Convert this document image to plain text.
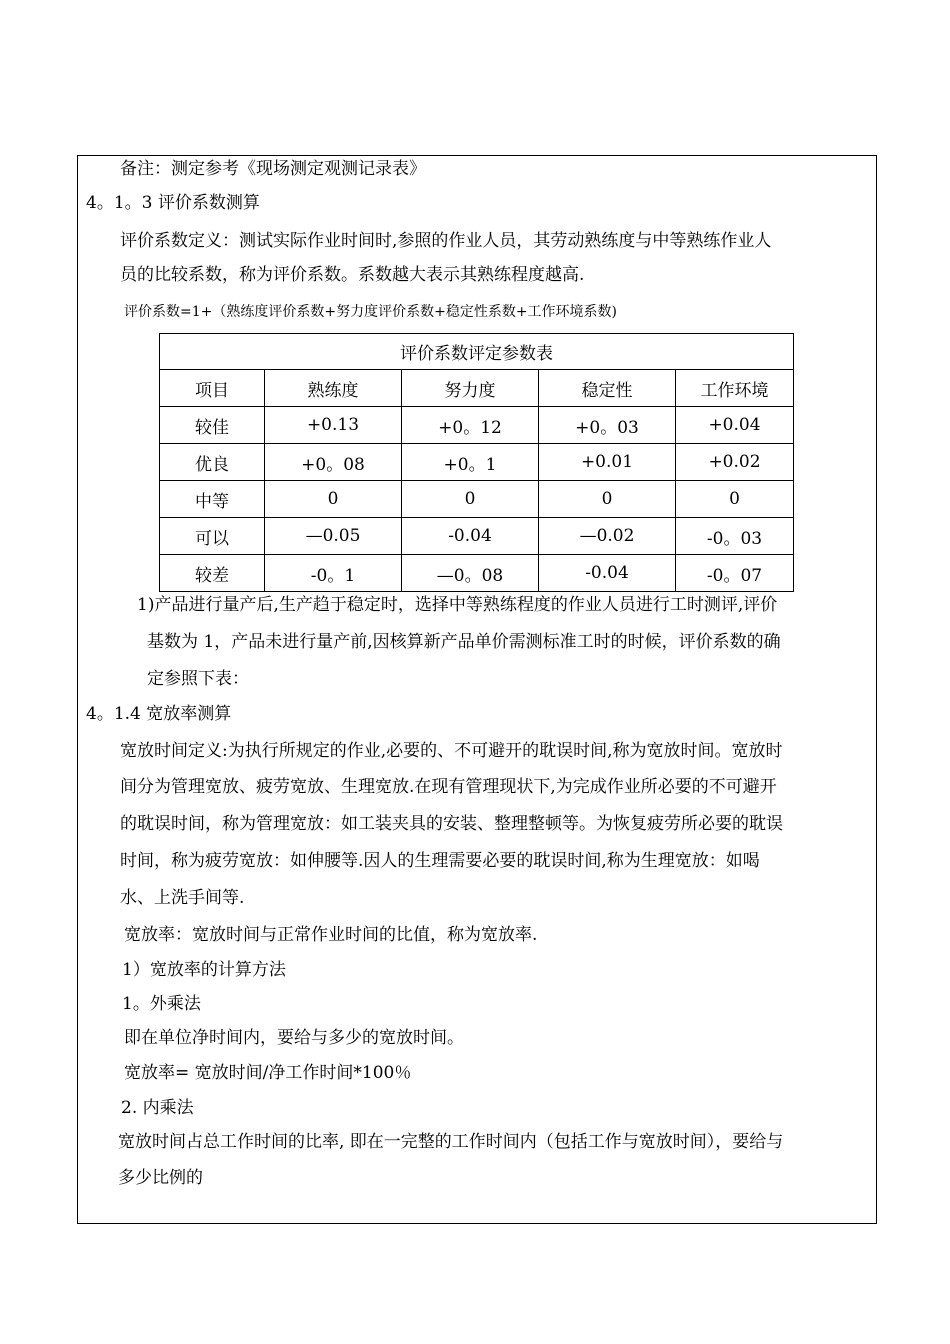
备注：测定参考《现场测定观测记录表》
4。1。3 评价系数测算
评价系数定义：测试实际作业时间时,参照的作业人员，其劳动熟练度与中等熟练作业人
员的比较系数，称为评价系数。系数越大表示其熟练程度越高.
评价系数=1+（熟练度评价系数+努力度评价系数+稳定性系数+工作环境系数)
评价系数评定参数表				
项目	熟练度	努力度	稳定性	工作环境
较佳	+0.13	+0。12	+0。03	+0.04
优良	+0。08	+0。1	+0.01	+0.02
中等	0	0	0	0
可以	—0.05	-0.04	—0.02	-0。03
较差	-0。1	—0。08	-0.04	-0。07
1)产品进行量产后,生产趋于稳定时，选择中等熟练程度的作业人员进行工时测评,评价
基数为 1，产品未进行量产前,因核算新产品单价需测标准工时的时候，评价系数的确
定参照下表：
4。1.4 宽放率测算
宽放时间定义:为执行所规定的作业,必要的、不可避开的耽误时间,称为宽放时间。宽放时
间分为管理宽放、疲劳宽放、生理宽放.在现有管理现状下,为完成作业所必要的不可避开
的耽误时间，称为管理宽放：如工装夹具的安装、整理整顿等。为恢复疲劳所必要的耽误
时间，称为疲劳宽放：如伸腰等.因人的生理需要必要的耽误时间,称为生理宽放：如喝
水、上洗手间等.
宽放率：宽放时间与正常作业时间的比值，称为宽放率.
1）宽放率的计算方法
1。外乘法
即在单位净时间内，要给与多少的宽放时间。
宽放率= 宽放时间/净工作时间*100％
2. 内乘法
宽放时间占总工作时间的比率, 即在一完整的工作时间内（包括工作与宽放时间），要给与
多少比例的
